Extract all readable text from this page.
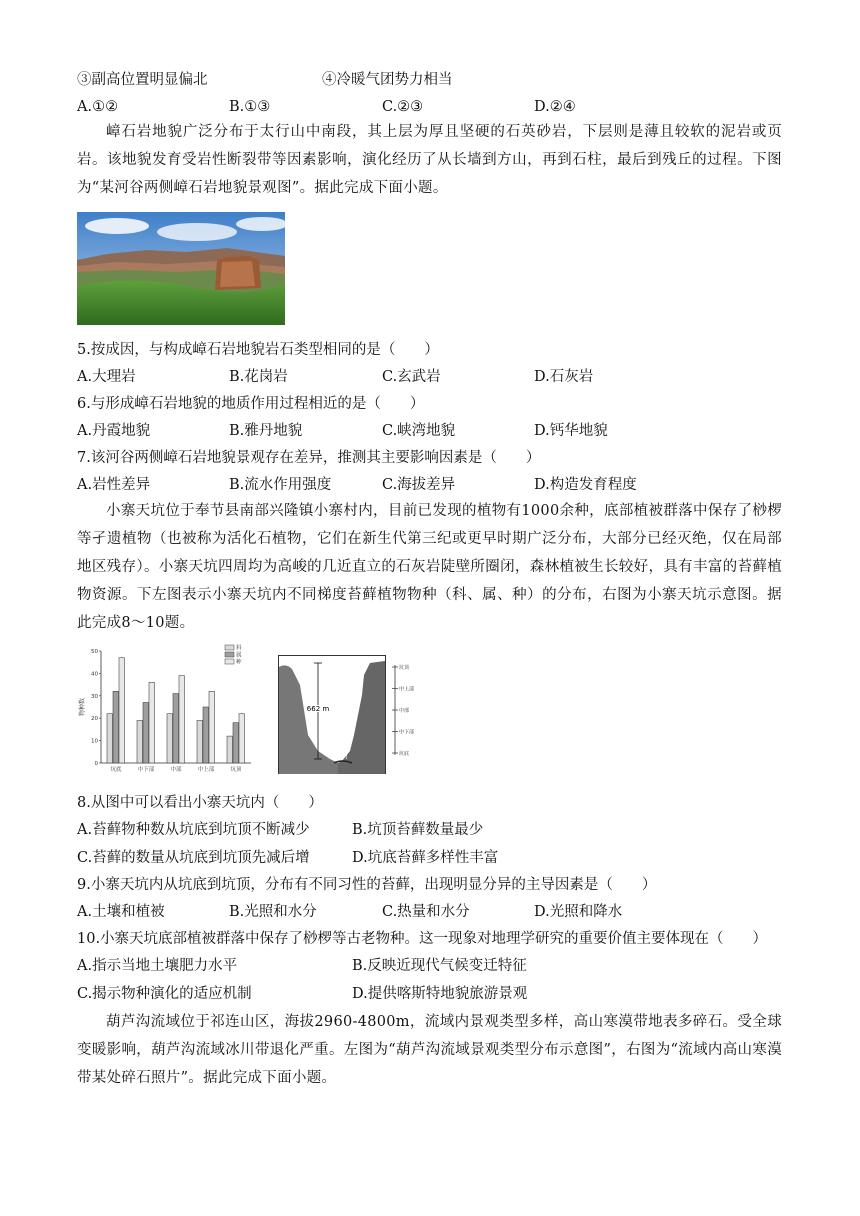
③副高位置明显偏北	④冷暖气团势力相当
A.①②	B.①③	C.②③	D.②④
嶂石岩地貌广泛分布于太行山中南段，其上层为厚且坚硬的石英砂岩，下层则是薄且较软的泥岩或页岩。该地貌发育受岩性断裂带等因素影响，演化经历了从长墙到方山，再到石柱，最后到残丘的过程。下图为“某河谷两侧嶂石岩地貌景观图”。据此完成下面小题。
5.按成因，与构成嶂石岩地貌岩石类型相同的是（　　）
A.大理岩	B.花岗岩	C.玄武岩	D.石灰岩
6.与形成嶂石岩地貌的地质作用过程相近的是（　　）
A.丹霞地貌	B.雅丹地貌	C.峡湾地貌	D.钙华地貌
7.该河谷两侧嶂石岩地貌景观存在差异，推测其主要影响因素是（　　）
A.岩性差异	B.流水作用强度	C.海拔差异	D.构造发育程度
小寨天坑位于奉节县南部兴隆镇小寨村内，目前已发现的植物有1000余种，底部植被群落中保存了桫椤等孑遗植物（也被称为活化石植物，它们在新生代第三纪或更早时期广泛分布，大部分已经灭绝，仅在局部地区残存）。小寨天坑四周均为高峻的几近直立的石灰岩陡壁所圈闭，森林植被生长较好，具有丰富的苔藓植物资源。下左图表示小寨天坑内不同梯度苔藓植物物种（科、属、种）的分布，右图为小寨天坑示意图。据此完成8～10题。
0
10
20
30
40
50
物种数
坑底	中下部	中部	中上部	坑顶
科
属
种
662 m
地下河
坑顶
中上部
中部
中下部
坑底
8.从图中可以看出小寨天坑内（　　）
A.苔藓物种数从坑底到坑顶不断减少	B.坑顶苔藓数量最少
C.苔藓的数量从坑底到坑顶先减后增	D.坑底苔藓多样性丰富
9.小寨天坑内从坑底到坑顶，分布有不同习性的苔藓，出现明显分异的主导因素是（　　）
A.土壤和植被	B.光照和水分	C.热量和水分	D.光照和降水
10.小寨天坑底部植被群落中保存了桫椤等古老物种。这一现象对地理学研究的重要价值主要体现在（　　）
A.指示当地土壤肥力水平	B.反映近现代气候变迁特征
C.揭示物种演化的适应机制	D.提供喀斯特地貌旅游景观
葫芦沟流域位于祁连山区，海拔2960-4800m，流域内景观类型多样，高山寒漠带地表多碎石。受全球变暖影响，葫芦沟流域冰川带退化严重。左图为“葫芦沟流域景观类型分布示意图”，右图为“流域内高山寒漠带某处碎石照片”。据此完成下面小题。
